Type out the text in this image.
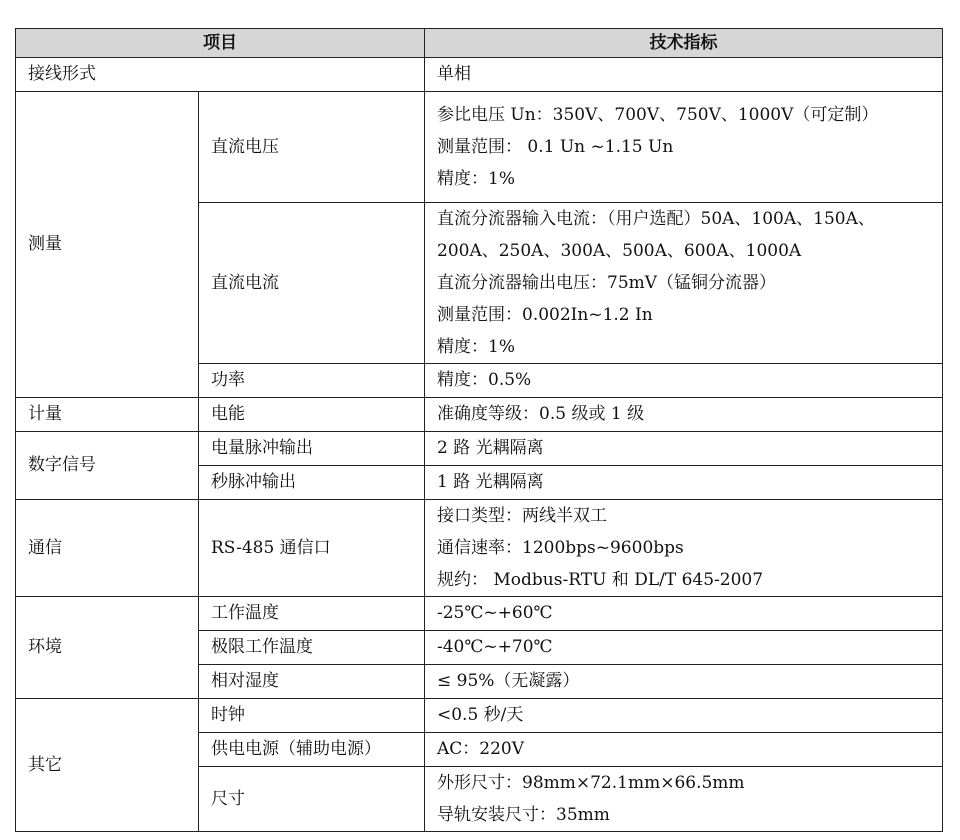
项目		技术指标
接线形式		单相
测量	直流电压	参比电压 Un：350V、700V、750V、1000V（可定制）
测量范围： 0.1 Un ~1.15 Un
精度：1%

	直流电流	直流分流器输入电流：（用户选配）50A、100A、150A、
200A、250A、300A、500A、600A、1000A
直流分流器输出电压：75mV（锰铜分流器）
测量范围：0.002In~1.2 In
精度：1%

	功率	精度：0.5%
计量	电能	准确度等级：0.5 级或 1 级
数字信号	电量脉冲输出	2 路 光耦隔离
	秒脉冲输出	1 路 光耦隔离
通信	RS-485 通信口	接口类型：两线半双工
通信速率：1200bps~9600bps
规约： Modbus-RTU 和 DL/T 645-2007

环境	工作温度	-25℃~+60℃
	极限工作温度	-40℃~+70℃
	相对湿度	≤ 95%（无凝露）
其它	时钟	<0.5 秒/天
	供电电源（辅助电源）	AC：220V
	尺寸	外形尺寸：98mm×72.1mm×66.5mm
导轨安装尺寸：35mm
